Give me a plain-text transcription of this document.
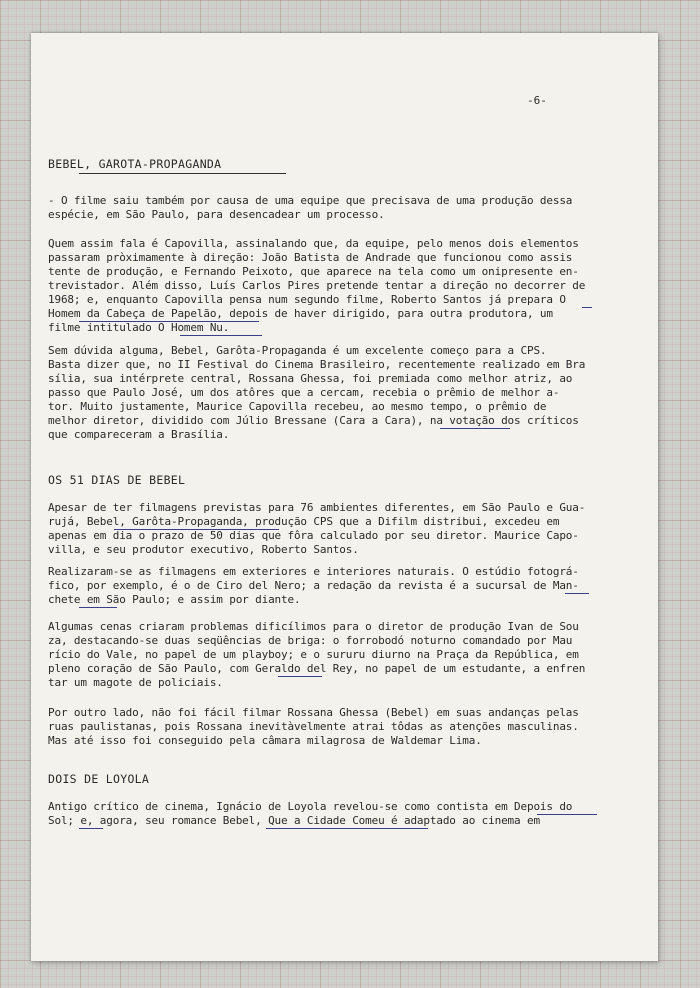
-6-
BEBEL, GAROTA-PROPAGANDA
- O filme saiu também por causa de uma equipe que precisava de uma produção dessa
espécie, em São Paulo, para desencadear um processo.
Quem assim fala é Capovilla, assinalando que, da equipe, pelo menos dois elementos
passaram pròximamente à direção: João Batista de Andrade que funcionou como assis
tente de produção, e Fernando Peixoto, que aparece na tela como um onipresente en-
trevistador. Além disso, Luís Carlos Pires pretende tentar a direção no decorrer de
1968; e, enquanto Capovilla pensa num segundo filme, Roberto Santos já prepara O
Homem da Cabeça de Papelão, depois de haver dirigido, para outra produtora, um
filme intitulado O Homem Nu.
Sem dúvida alguma, Bebel, Garôta-Propaganda é um excelente começo para a CPS.
Basta dizer que, no II Festival do Cinema Brasileiro, recentemente realizado em Bra
sília, sua intérprete central, Rossana Ghessa, foi premiada como melhor atriz, ao
passo que Paulo José, um dos atôres que a cercam, recebia o prêmio de melhor a-
tor. Muito justamente, Maurice Capovilla recebeu, ao mesmo tempo, o prêmio de
melhor diretor, dividido com Júlio Bressane (Cara a Cara), na votação dos críticos
que compareceram a Brasília.
OS 51 DIAS DE BEBEL
Apesar de ter filmagens previstas para 76 ambientes diferentes, em São Paulo e Gua-
rujá, Bebel, Garôta-Propaganda, produção CPS que a Difilm distribui, excedeu em
apenas em dia o prazo de 50 dias que fôra calculado por seu diretor. Maurice Capo-
villa, e seu produtor executivo, Roberto Santos.
Realizaram-se as filmagens em exteriores e interiores naturais. O estúdio fotográ-
fico, por exemplo, é o de Ciro del Nero; a redação da revista é a sucursal de Man-
chete em São Paulo; e assim por diante.
Algumas cenas criaram problemas dificílimos para o diretor de produção Ivan de Sou
za, destacando-se duas seqüências de briga: o forrobodó noturno comandado por Mau
rício do Vale, no papel de um playboy; e o sururu diurno na Praça da República, em
pleno coração de São Paulo, com Geraldo del Rey, no papel de um estudante, a enfren
tar um magote de policiais.
Por outro lado, não foi fácil filmar Rossana Ghessa (Bebel) em suas andanças pelas
ruas paulistanas, pois Rossana inevitàvelmente atrai tôdas as atenções masculinas.
Mas até isso foi conseguido pela câmara milagrosa de Waldemar Lima.
DOIS DE LOYOLA
Antigo crítico de cinema, Ignácio de Loyola revelou-se como contista em Depois do
Sol; e, agora, seu romance Bebel, Que a Cidade Comeu é adaptado ao cinema em
